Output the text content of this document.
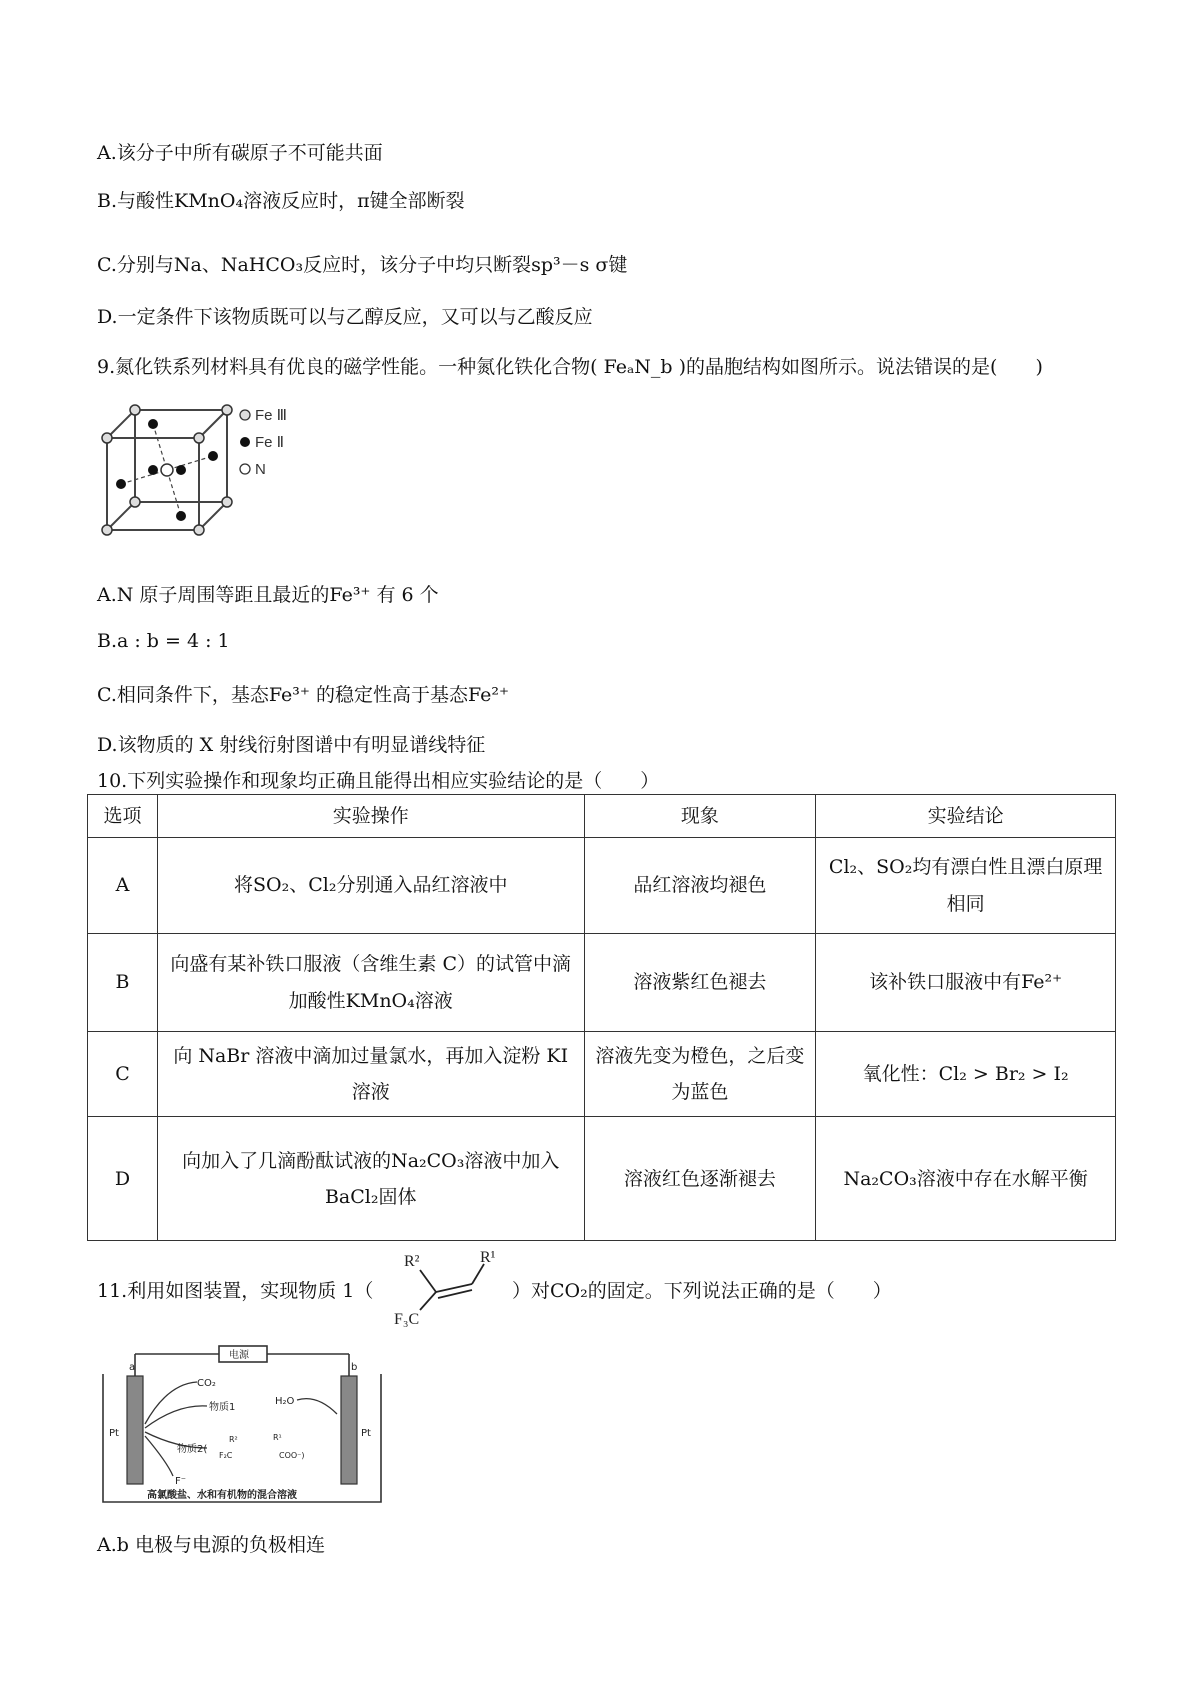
A.该分子中所有碳原子不可能共面
B.与酸性KMnO₄溶液反应时，π键全部断裂
C.分别与Na、NaHCO₃反应时，该分子中均只断裂sp³－s σ键
D.一定条件下该物质既可以与乙醇反应，又可以与乙酸反应
9.氮化铁系列材料具有优良的磁学性能。一种氮化铁化合物( FeₐN_b )的晶胞结构如图所示。说法错误的是(　　)
Fe Ⅲ
Fe Ⅱ
N
A.N 原子周围等距且最近的Fe³⁺ 有 6 个
B.a : b = 4 : 1
C.相同条件下，基态Fe³⁺ 的稳定性高于基态Fe²⁺
D.该物质的 X 射线衍射图谱中有明显谱线特征
10.下列实验操作和现象均正确且能得出相应实验结论的是（　　）
选项	实验操作	现象	实验结论
A	将SO₂、Cl₂分别通入品红溶液中	品红溶液均褪色	Cl₂、SO₂均有漂白性且漂白原理相同
B	向盛有某补铁口服液（含维生素 C）的试管中滴加酸性KMnO₄溶液	溶液紫红色褪去	该补铁口服液中有Fe²⁺
C	向 NaBr 溶液中滴加过量氯水，再加入淀粉 KI 溶液	溶液先变为橙色，之后变为蓝色	氧化性：Cl₂ > Br₂ > I₂
D	向加入了几滴酚酞试液的Na₂CO₃溶液中加入BaCl₂固体	溶液红色逐渐褪去	Na₂CO₃溶液中存在水解平衡
11.利用如图装置，实现物质 1（
R²	R¹
F₃C
）对CO₂的固定。下列说法正确的是（　　）
电源
a	b
Pt	Pt
CO₂
物质1
H₂O
物质2(
R²	R¹
F₂C	COO⁻)
F⁻
高氯酸盐、水和有机物的混合溶液
A.b 电极与电源的负极相连
